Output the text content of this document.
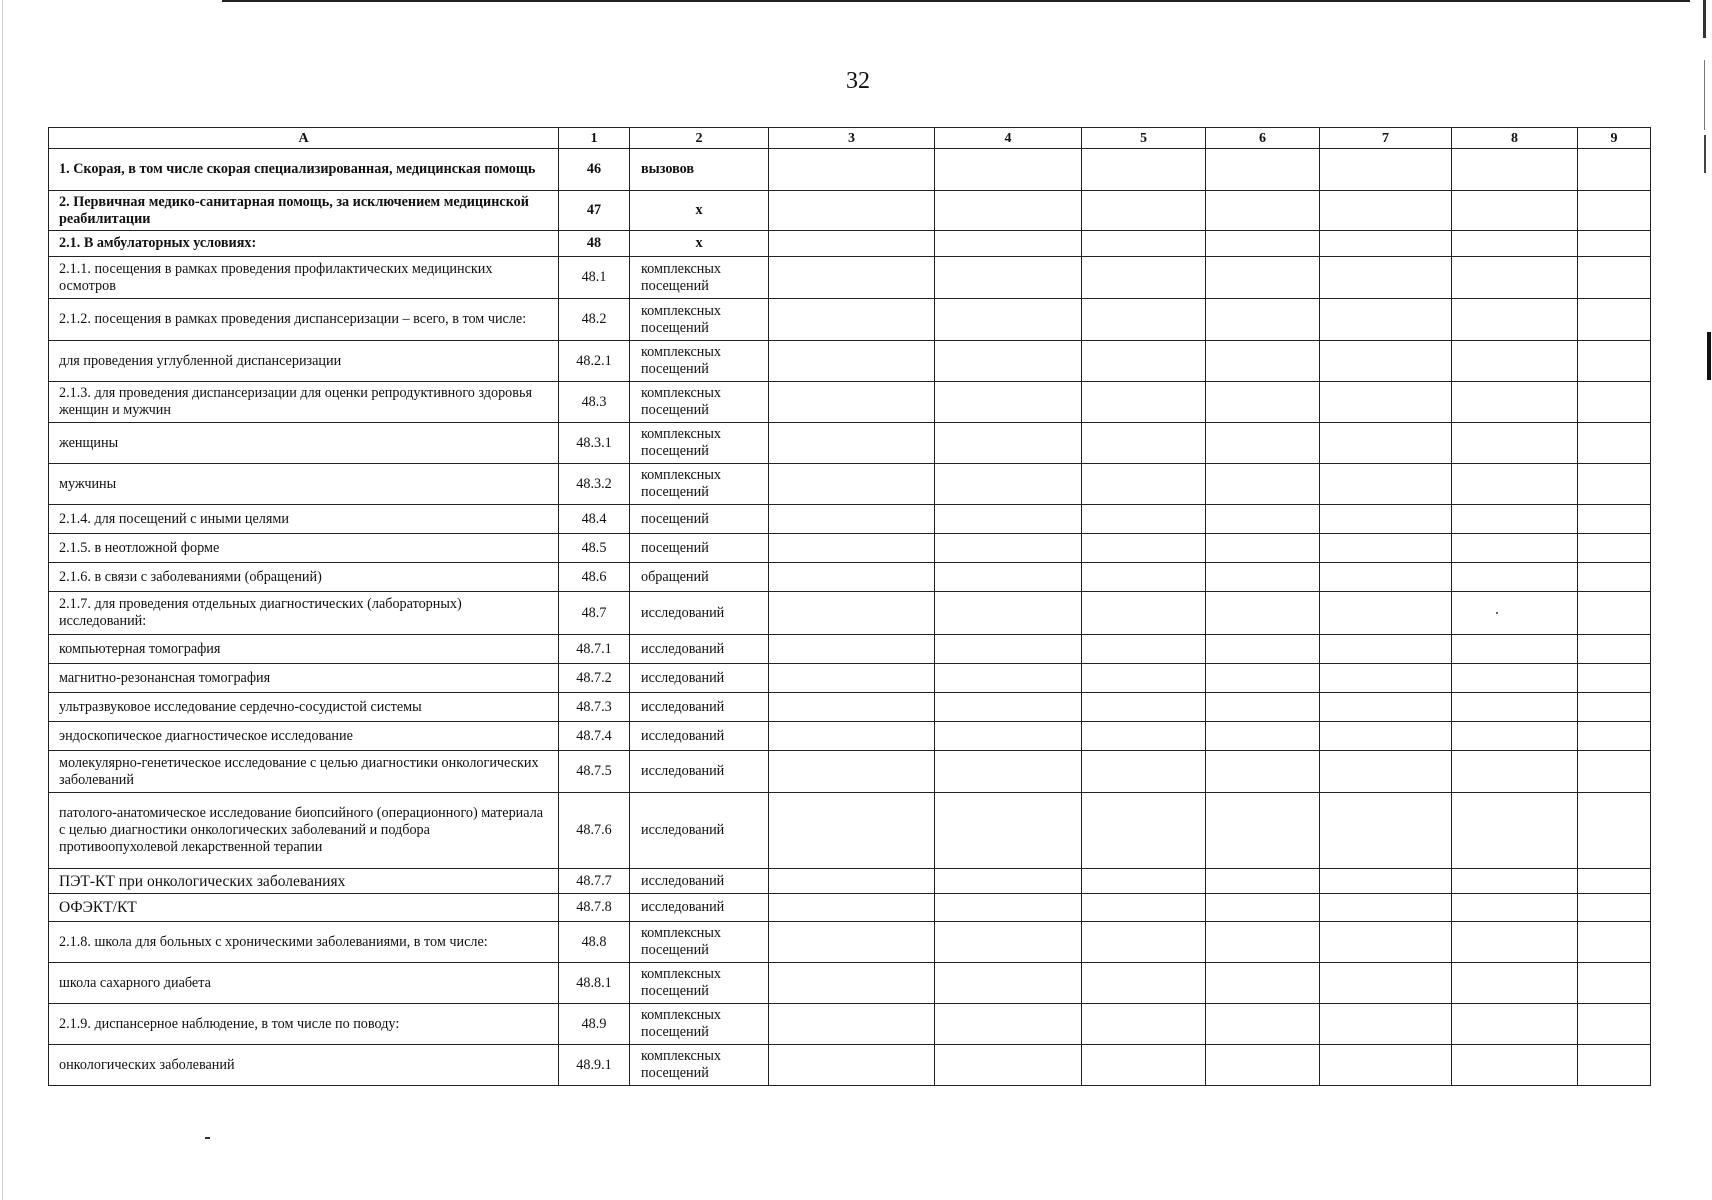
32
А	1	2	3	4	5	6	7	8	9
1. Скорая, в том числе скорая специализированная, медицинская помощь	46	вызовов							
2. Первичная медико-санитарная помощь, за исключением медицинской реабилитации	47	х							
2.1. В амбулаторных условиях:	48	х							
2.1.1. посещения в рамках проведения профилактических медицинских осмотров	48.1	комплексных посещений							
2.1.2. посещения в рамках проведения диспансеризации – всего, в том числе:	48.2	комплексных посещений							
для проведения углубленной диспансеризации	48.2.1	комплексных посещений							
2.1.3. для проведения диспансеризации для оценки репродуктивного здоровья женщин и мужчин	48.3	комплексных посещений							
женщины	48.3.1	комплексных посещений							
мужчины	48.3.2	комплексных посещений							
2.1.4. для посещений с иными целями	48.4	посещений							
2.1.5. в неотложной форме	48.5	посещений							
2.1.6. в связи с заболеваниями (обращений)	48.6	обращений							
2.1.7. для проведения отдельных диагностических (лабораторных) исследований:	48.7	исследований							
компьютерная томография	48.7.1	исследований							
магнитно-резонансная томография	48.7.2	исследований							
ультразвуковое исследование сердечно-сосудистой системы	48.7.3	исследований							
эндоскопическое диагностическое исследование	48.7.4	исследований							
молекулярно-генетическое исследование с целью диагностики онкологических заболеваний	48.7.5	исследований							
патолого-анатомическое исследование биопсийного (операционного) материала с целью диагностики онкологических заболеваний и подбора противоопухолевой лекарственной терапии	48.7.6	исследований							
ПЭТ-КТ при онкологических заболеваниях	48.7.7	исследований							
ОФЭКТ/КТ	48.7.8	исследований							
2.1.8. школа для больных с хроническими заболеваниями, в том числе:	48.8	комплексных посещений							
школа сахарного диабета	48.8.1	комплексных посещений							
2.1.9. диспансерное наблюдение, в том числе по поводу:	48.9	комплексных посещений							
онкологических заболеваний	48.9.1	комплексных посещений							
